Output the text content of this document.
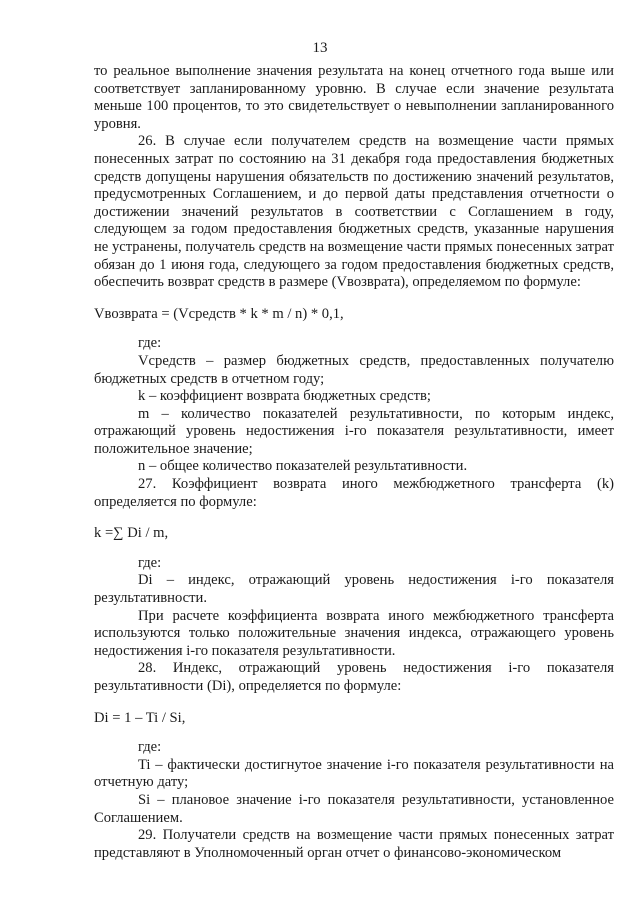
13

то реальное выполнение значения результата на конец отчетного года выше или соответствует запланированному уровню. В случае если значение результата меньше 100 процентов, то это свидетельствует о невыполнении запланированного уровня.

26. В случае если получателем средств на возмещение части прямых понесенных затрат по состоянию на 31 декабря года предоставления бюджетных средств допущены нарушения обязательств по достижению значений результатов, предусмотренных Соглашением, и до первой даты представления отчетности о достижении значений результатов в соответствии с Соглашением в году, следующем за годом предоставления бюджетных средств, указанные нарушения не устранены, получатель средств на возмещение части прямых понесенных затрат обязан до 1 июня года, следующего за годом предоставления бюджетных средств, обеспечить возврат средств в размере (Vвозврата), определяемом по формуле:

Vвозврата = (Vсредств * k * m / n) * 0,1,

где:

Vсредств – размер бюджетных средств, предоставленных получателю бюджетных средств в отчетном году;

k – коэффициент возврата бюджетных средств;

m – количество показателей результативности, по которым индекс, отражающий уровень недостижения i-го показателя результативности, имеет положительное значение;

n – общее количество показателей результативности.

27. Коэффициент возврата иного межбюджетного трансферта (k) определяется по формуле:

k =∑ Di / m,

где:

Di – индекс, отражающий уровень недостижения i-го показателя результативности.

При расчете коэффициента возврата иного межбюджетного трансферта используются только положительные значения индекса, отражающего уровень недостижения i-го показателя результативности.

28. Индекс, отражающий уровень недостижения i-го показателя результативности (Di), определяется по формуле:

Di = 1 – Ti / Si,

где:

Ti – фактически достигнутое значение i-го показателя результативности на отчетную дату;

Si – плановое значение i-го показателя результативности, установленное Соглашением.

29. Получатели средств на возмещение части прямых понесенных затрат представляют в Уполномоченный орган отчет о финансово-экономическом
